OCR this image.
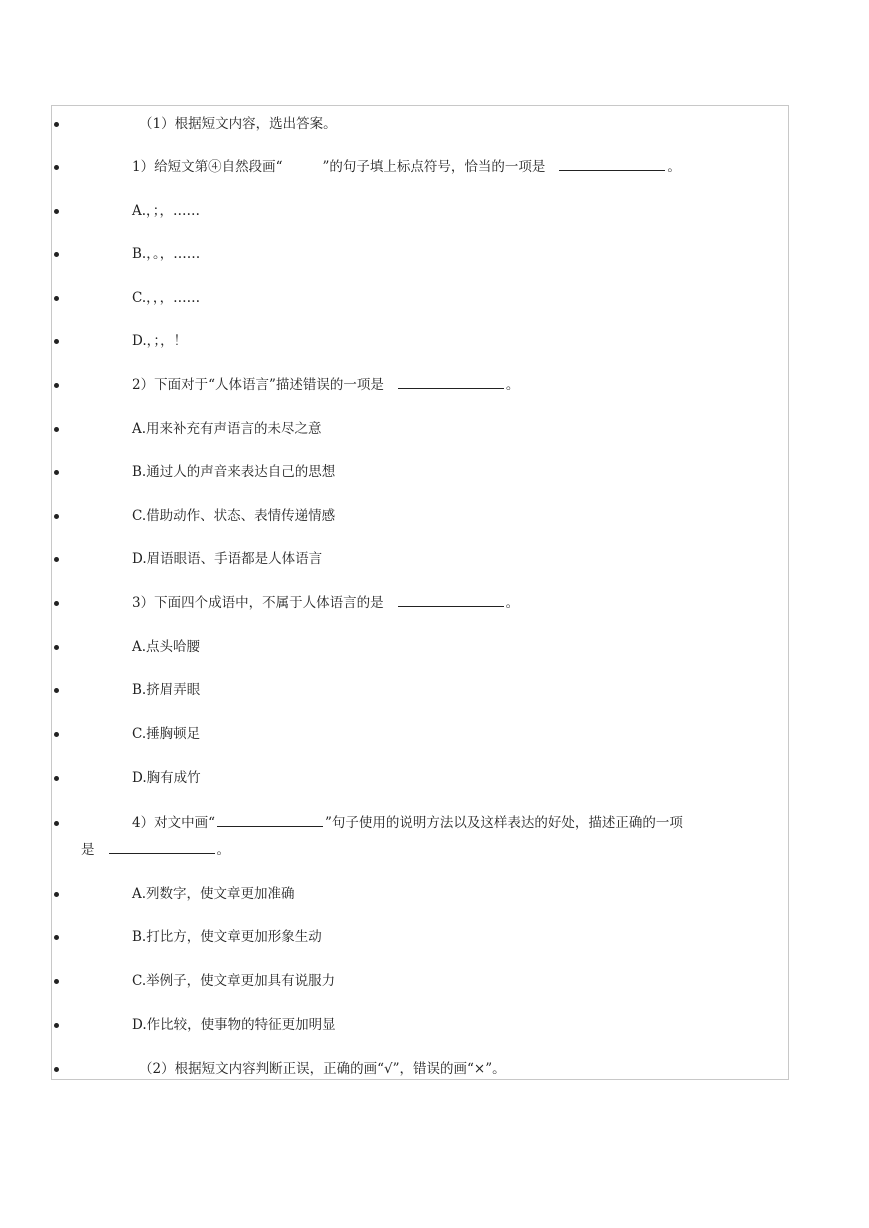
（1）根据短文内容，选出答案。
1）给短文第④自然段画“	”的句子填上标点符号，恰当的一项是	。
A.，；，……
B.，。，……
C.，，，……
D.，；，！
2）下面对于“人体语言”描述错误的一项是	。
A.用来补充有声语言的未尽之意
B.通过人的声音来表达自己的思想
C.借助动作、状态、表情传递情感
D.眉语眼语、手语都是人体语言
3）下面四个成语中，不属于人体语言的是	。
A.点头哈腰
B.挤眉弄眼
C.捶胸顿足
D.胸有成竹
4）对文中画“	”句子使用的说明方法以及这样表达的好处，描述正确的一项
是	。
A.列数字，使文章更加准确
B.打比方，使文章更加形象生动
C.举例子，使文章更加具有说服力
D.作比较，使事物的特征更加明显
（2）根据短文内容判断正误，正确的画“√”，错误的画“×”。
